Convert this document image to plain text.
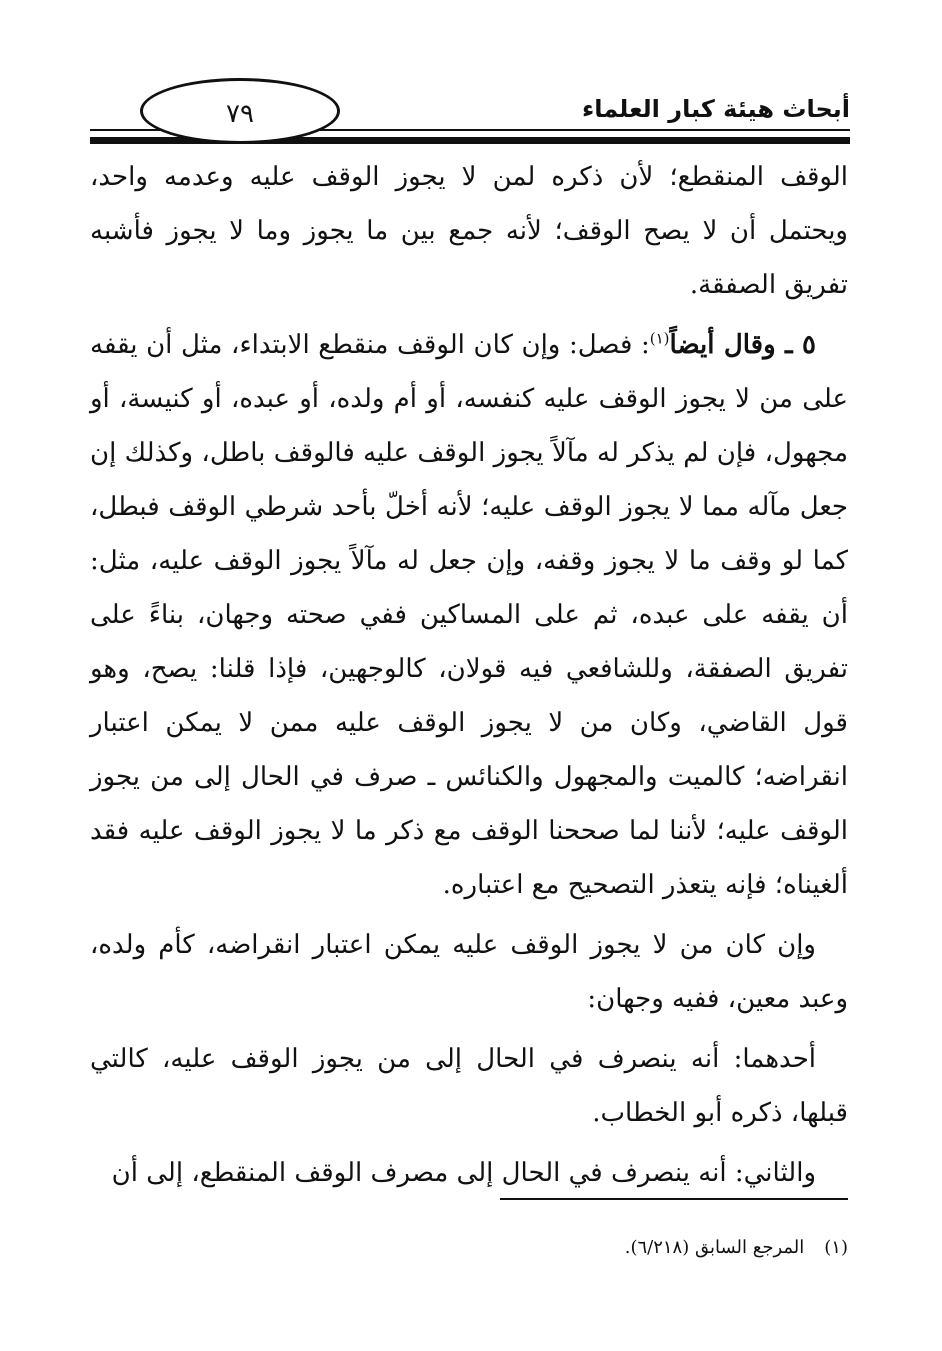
٧٩	أبحاث هيئة كبار العلماء

الوقف المنقطع؛ لأن ذكره لمن لا يجوز الوقف عليه وعدمه واحد، ويحتمل أن لا يصح الوقف؛ لأنه جمع بين ما يجوز وما لا يجوز فأشبه تفريق الصفقة.

٥ ـ وقال أيضاً$^{(١)}$: فصل: وإن كان الوقف منقطع الابتداء، مثل أن يقفه على من لا يجوز الوقف عليه كنفسه، أو أم ولده، أو عبده، أو كنيسة، أو مجهول، فإن لم يذكر له مآلاً يجوز الوقف عليه فالوقف باطل، وكذلك إن جعل مآله مما لا يجوز الوقف عليه؛ لأنه أخلّ بأحد شرطي الوقف فبطل، كما لو وقف ما لا يجوز وقفه، وإن جعل له مآلاً يجوز الوقف عليه، مثل: أن يقفه على عبده، ثم على المساكين ففي صحته وجهان، بناءً على تفريق الصفقة، وللشافعي فيه قولان، كالوجهين، فإذا قلنا: يصح، وهو قول القاضي، وكان من لا يجوز الوقف عليه ممن لا يمكن اعتبار انقراضه؛ كالميت والمجهول والكنائس ـ صرف في الحال إلى من يجوز الوقف عليه؛ لأننا لما صححنا الوقف مع ذكر ما لا يجوز الوقف عليه فقد ألغيناه؛ فإنه يتعذر التصحيح مع اعتباره.

وإن كان من لا يجوز الوقف عليه يمكن اعتبار انقراضه، كأم ولده، وعبد معين، ففيه وجهان:

أحدهما: أنه ينصرف في الحال إلى من يجوز الوقف عليه، كالتي قبلها، ذكره أبو الخطاب.

والثاني: أنه ينصرف في الحال إلى مصرف الوقف المنقطع، إلى أن

(١)المرجع السابق (٦/٢١٨).
